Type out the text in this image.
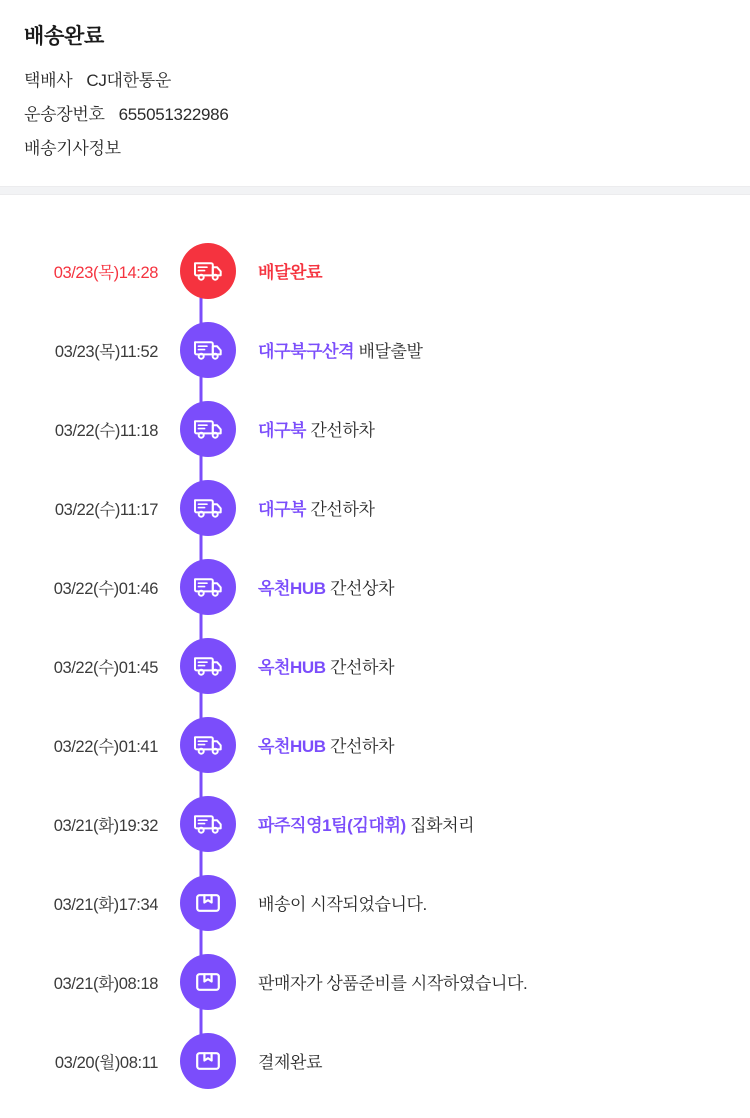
배송완료
택배사 CJ대한통운
운송장번호 655051322986
배송기사정보
03/23(목)14:28	배달완료
03/23(목)11:52	대구북구산격 배달출발
03/22(수)11:18	대구북 간선하차
03/22(수)11:17	대구북 간선하차
03/22(수)01:46	옥천HUB 간선상차
03/22(수)01:45	옥천HUB 간선하차
03/22(수)01:41	옥천HUB 간선하차
03/21(화)19:32	파주직영1팀(김대휘) 집화처리
03/21(화)17:34	배송이 시작되었습니다.
03/21(화)08:18	판매자가 상품준비를 시작하였습니다.
03/20(월)08:11	결제완료
